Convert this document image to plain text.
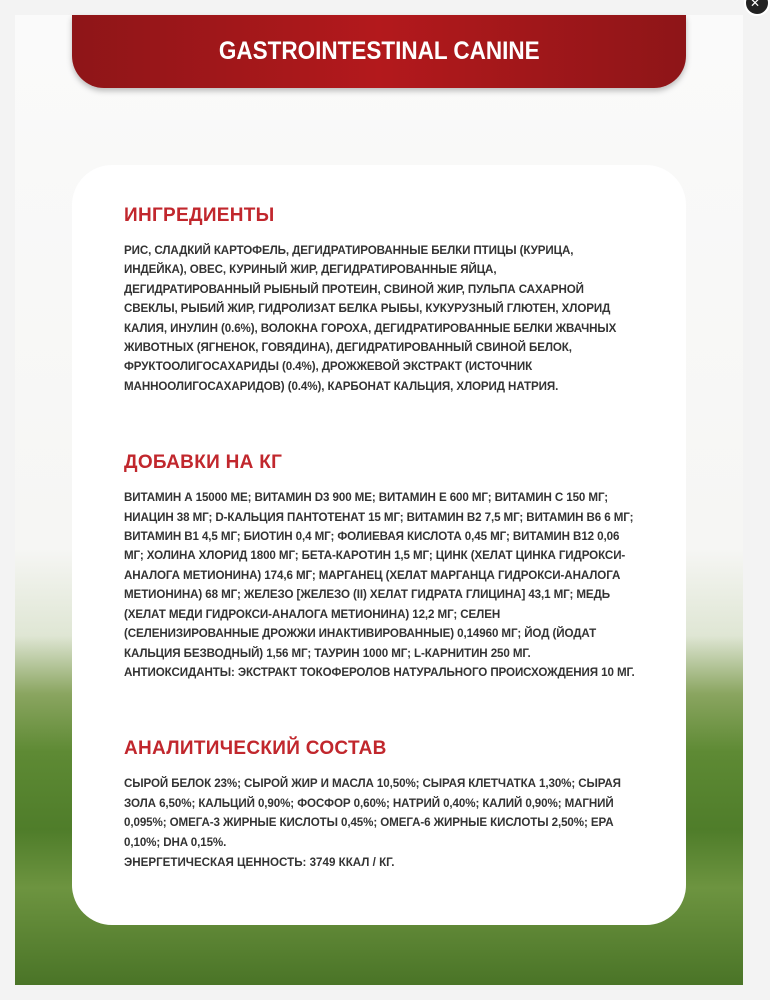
GASTROINTESTINAL CANINE
ИНГРЕДИЕНТЫ
РИС, СЛАДКИЙ КАРТОФЕЛЬ, ДЕГИДРАТИРОВАННЫЕ БЕЛКИ ПТИЦЫ (КУРИЦА, ИНДЕЙКА), ОВЕС, КУРИНЫЙ ЖИР, ДЕГИДРАТИРОВАННЫЕ ЯЙЦА, ДЕГИДРАТИРОВАННЫЙ РЫБНЫЙ ПРОТЕИН, СВИНОЙ ЖИР, ПУЛЬПА САХАРНОЙ СВЕКЛЫ, РЫБИЙ ЖИР, ГИДРОЛИЗАТ БЕЛКА РЫБЫ, КУКУРУЗНЫЙ ГЛЮТЕН, ХЛОРИД КАЛИЯ, ИНУЛИН (0.6%), ВОЛОКНА ГОРОХА, ДЕГИДРАТИРОВАННЫЕ БЕЛКИ ЖВАЧНЫХ ЖИВОТНЫХ (ЯГНЕНОК, ГОВЯДИНА), ДЕГИДРАТИРОВАННЫЙ СВИНОЙ БЕЛОК, ФРУКТООЛИГОСАХАРИДЫ (0.4%), ДРОЖЖЕВОЙ ЭКСТРАКТ (ИСТОЧНИК МАННООЛИГОСАХАРИДОВ) (0.4%), КАРБОНАТ КАЛЬЦИЯ, ХЛОРИД НАТРИЯ.
ДОБАВКИ НА КГ
ВИТАМИН А 15000 МЕ; ВИТАМИН D3 900 МЕ; ВИТАМИН Е 600 МГ; ВИТАМИН С 150 МГ; НИАЦИН 38 МГ; D-КАЛЬЦИЯ ПАНТОТЕНАТ 15 МГ; ВИТАМИН В2 7,5 МГ; ВИТАМИН В6 6 МГ; ВИТАМИН В1 4,5 МГ; БИОТИН 0,4 МГ; ФОЛИЕВАЯ КИСЛОТА 0,45 МГ; ВИТАМИН В12 0,06 МГ; ХОЛИНА ХЛОРИД 1800 МГ; БЕТА-КАРОТИН 1,5 МГ; ЦИНК (ХЕЛАТ ЦИНКА ГИДРОКСИ-АНАЛОГА МЕТИОНИНА) 174,6 МГ; МАРГАНЕЦ (ХЕЛАТ МАРГАНЦА ГИДРОКСИ-АНАЛОГА МЕТИОНИНА) 68 МГ; ЖЕЛЕЗО [ЖЕЛЕЗО (II) ХЕЛАТ ГИДРАТА ГЛИЦИНА] 43,1 МГ; МЕДЬ (ХЕЛАТ МЕДИ ГИДРОКСИ-АНАЛОГА МЕТИОНИНА) 12,2 МГ; СЕЛЕН (СЕЛЕНИЗИРОВАННЫЕ ДРОЖЖИ ИНАКТИВИРОВАННЫЕ) 0,14960 МГ; ЙОД (ЙОДАТ КАЛЬЦИЯ БЕЗВОДНЫЙ) 1,56 МГ; ТАУРИН 1000 МГ; L-КАРНИТИН 250 МГ. АНТИОКСИДАНТЫ: ЭКСТРАКТ ТОКОФЕРОЛОВ НАТУРАЛЬНОГО ПРОИСХОЖДЕНИЯ 10 МГ.
АНАЛИТИЧЕСКИЙ СОСТАВ
СЫРОЙ БЕЛОК 23%; СЫРОЙ ЖИР И МАСЛА 10,50%; СЫРАЯ КЛЕТЧАТКА 1,30%; СЫРАЯ ЗОЛА 6,50%; КАЛЬЦИЙ 0,90%; ФОСФОР 0,60%; НАТРИЙ 0,40%; КАЛИЙ 0,90%; МАГНИЙ 0,095%; ОМЕГА-3 ЖИРНЫЕ КИСЛОТЫ 0,45%; ОМЕГА-6 ЖИРНЫЕ КИСЛОТЫ 2,50%; EPA 0,10%; DHA 0,15%.
ЭНЕРГЕТИЧЕСКАЯ ЦЕННОСТЬ: 3749 ККАЛ / КГ.
✕
